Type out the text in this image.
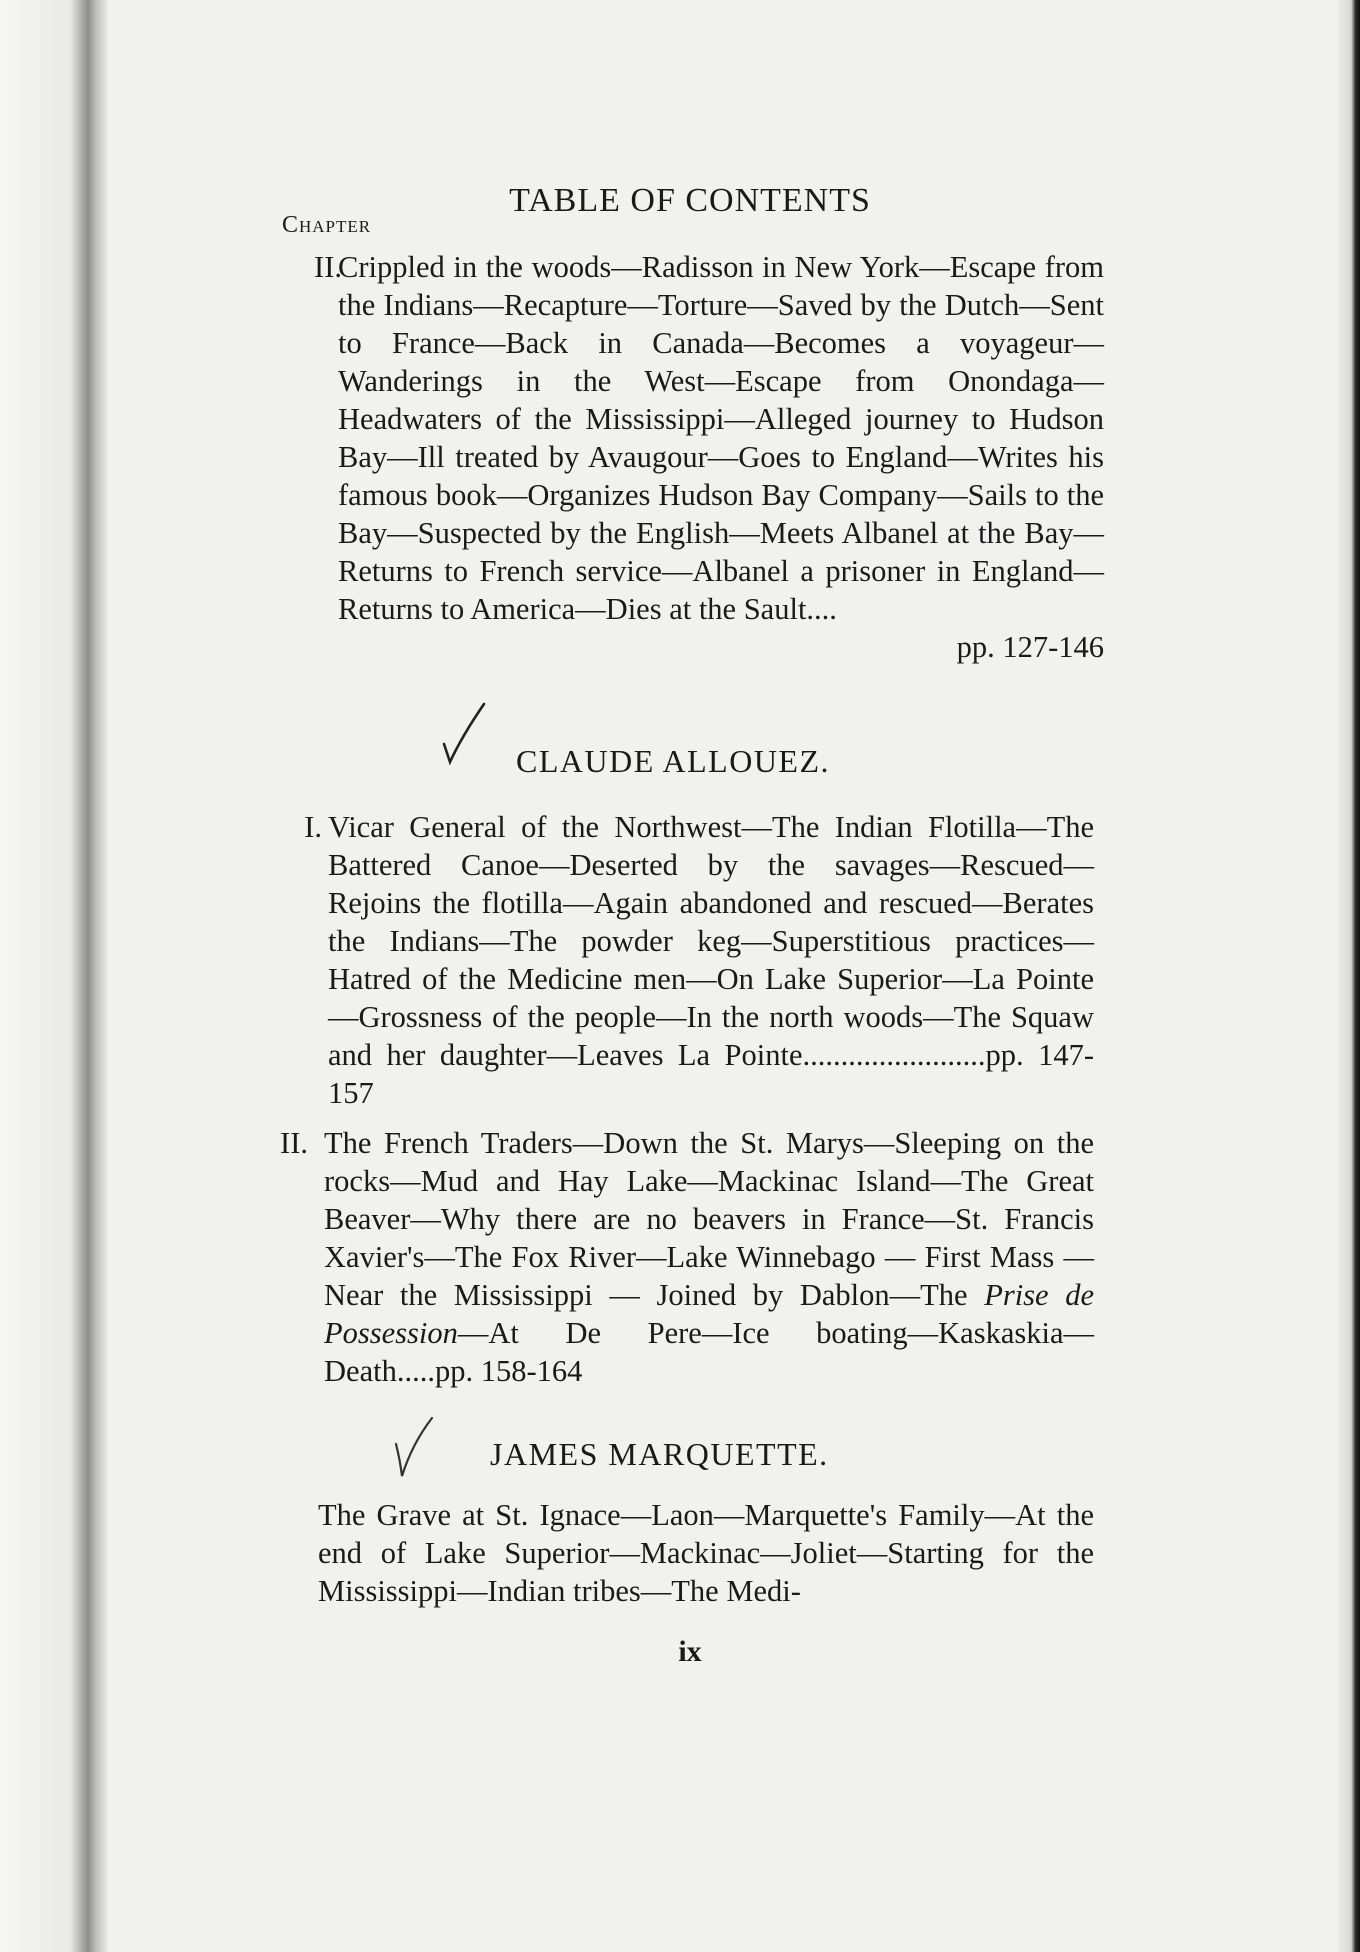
TABLE OF CONTENTS
Chapter
II.
Crippled in the woods—Radisson in New York—Escape from the Indians—Recapture—Torture—Saved by the Dutch—Sent to France—Back in Canada—Becomes a voyageur—Wanderings in the West—Escape from Onondaga—Headwaters of the Mississippi—Alleged journey to Hudson Bay—Ill treated by Avaugour—Goes to England—Writes his famous book—Organizes Hudson Bay Company—Sails to the Bay—Suspected by the English—Meets Albanel at the Bay—Returns to French service—Albanel a prisoner in England—Returns to America—Dies at the Sault....
pp. 127-146
CLAUDE ALLOUEZ.
I. Vicar General of the Northwest—The Indian Flotilla—The Battered Canoe—Deserted by the savages—Rescued—Rejoins the flotilla—Again abandoned and rescued—Berates the Indians—The powder keg—Superstitious practices—Hatred of the Medicine men—On Lake Superior—La Pointe—Grossness of the people—In the north woods—The Squaw and her daughter—Leaves La Pointe........................pp. 147-157
II. The French Traders—Down the St. Marys—Sleeping on the rocks—Mud and Hay Lake—Mackinac Island—The Great Beaver—Why there are no beavers in France—St. Francis Xavier's—The Fox River—Lake Winnebago — First Mass — Near the Mississippi — Joined by Dablon—The Prise de Possession—At De Pere—Ice boating—Kaskaskia—Death.....pp. 158-164
JAMES MARQUETTE.
The Grave at St. Ignace—Laon—Marquette's Family—At the end of Lake Superior—Mackinac—Joliet—Starting for the Mississippi—Indian tribes—The Medi-
ix
